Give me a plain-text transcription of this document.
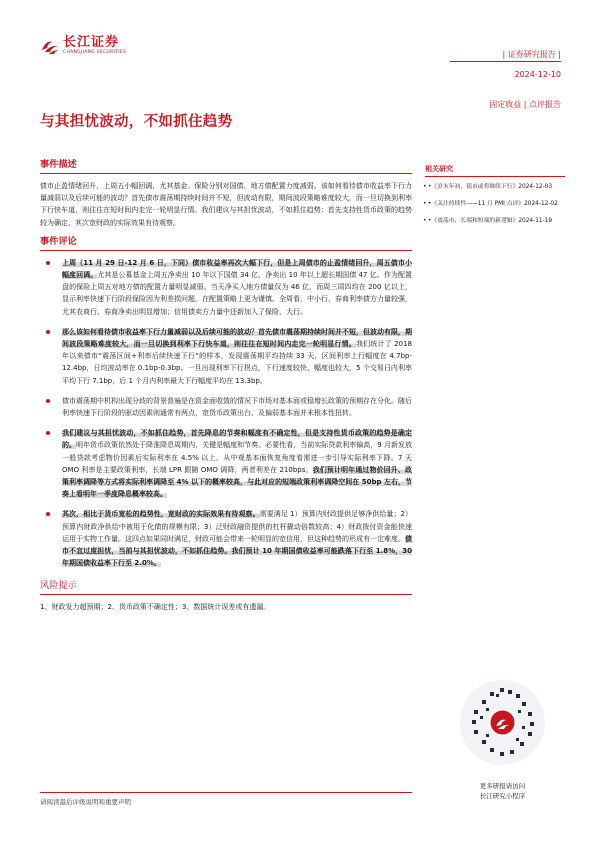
长江证券
CHANGJIANG SECURITIES	| 证券研究报告 |
2024-12-10
固定收益 | 点评报告
与其担忧波动，不如抓住趋势
事件描述
债市止盈情绪回升，上周五小幅回调，尤其基金、保险分别对国债、地方债配置力度减弱。该如何看待债市收益率下行力量减弱以及后续可能的波动？首先债市震荡期持续时间并不短，但波动有限，期间波段策略难度较大，而一旦切换到利率下行快车道，则往往在短时间内走完一轮明显行情。我们建议与其担忧波动，不如抓住趋势：首先支持性货币政策的趋势较为确定，其次宽财政的实际效果有待观察。
事件评论
上周（11 月 29 日-12 月 6 日，下同）债市收益率再次大幅下行，但是上周债市的止盈情绪回升，周五债市小幅度回调。尤其是公募基金上周五净卖出 10 年以下国债 34 亿，净卖出 10 年以上超长期国债 47 亿。作为配置盘的保险上周五对地方债的配置力量明显减弱。当天净买入地方债量仅为 46 亿，而周三周四均在 200 亿以上，显示利率快速下行阶段保险因为利差损问题，在配置策略上更为谨慎。全周看，中小行、券商利率债方力量较强，尤其农商行、券商净卖出明显增加；信用债卖方力量中还新加入了保险、大行。
那么该如何看待债市收益率下行力量减弱以及后续可能的波动？首先债市震荡期持续时间并不短，但波动有限，期间波段策略难度较大，而一旦切换到利率下行快车道，则往往在短时间内走完一轮明显行情。我们统计了 2018 年以来债市“震荡区间+利率后续快速下行”的样本，发现震荡期平均持续 33 天，区间利率上行幅度在 4.7bp-12.4bp，日均波动率在 0.1bp-0.3bp。一旦出现利率下行拐点，下行速度较快、幅度也较大，5 个交易日内利率平均下行 7.1bp，后 1 个月内利率最大下行幅度平均在 13.3bp。
债市震荡期中机构出现分歧的背景普遍是在资金面收敛的情况下市场对基本面或稳增长政策的预期存在分化。随后利率快速下行阶段的驱动因素则通常有两点，宽货币政策出台、及偏弱基本面并未根本性扭转。
我们建议与其担忧波动，不如抓住趋势，首先降息的节奏和幅度有不确定性，但是支持性货币政策的趋势是确定的。明年货币政策依然处于降准降息周期内，关键是幅度和节奏。必要性看，当前实际贷款利率偏高，9 月新发放一般贷款考虑物价因素后实际利率在 4.5% 以上，从中观基本面恢复角度看需进一步引导实际利率下降。7 天 OMO 利率是主要政策利率，长端 LPR 跟随 OMO 调降，两者利差在 210bps。我们预计明年通过物价回升、政策利率调降等方式将实际利率调降至 4% 以下的概率较高，与此对应的短端政策利率调降空间在 50bp 左右，节奏上看明年一季度降息概率较高。
其次，相比于货币宽松的趋势性，宽财政的实际效果有待观察。需要满足 1）预算内财政提供足够净供给量；2）预算内财政净供给中被用于化债的规模有限；3）泛财政融资提供的杠杆撬动倍数较高；4）财政拨付资金能快速运用于实物工作量。这四点如果同时满足，财政可能会带来一轮明显的宽信用，但这种趋势的形成有一定难度。债市不宜过度担忧，当前与其担忧波动，不如抓住趋势。我们预计 10 年期国债收益率可能跌落下行至 1.8%，30 年期国债收益率下行至 2.0%。
风险提示
1、财政发力超预期；2、货币政策不确定性；3、数据统计误差或有遗漏。
请阅读最后评级说明和重要声明
相关研究
• •《岁末年初，债市或将继续下行》2024-12-03
• •《关注持续性——11 月 PMI 点评》2024-12-02
• •《震荡市，长端和短端的新逻辑》2024-11-19
更多研报请访问
长江研究小程序
